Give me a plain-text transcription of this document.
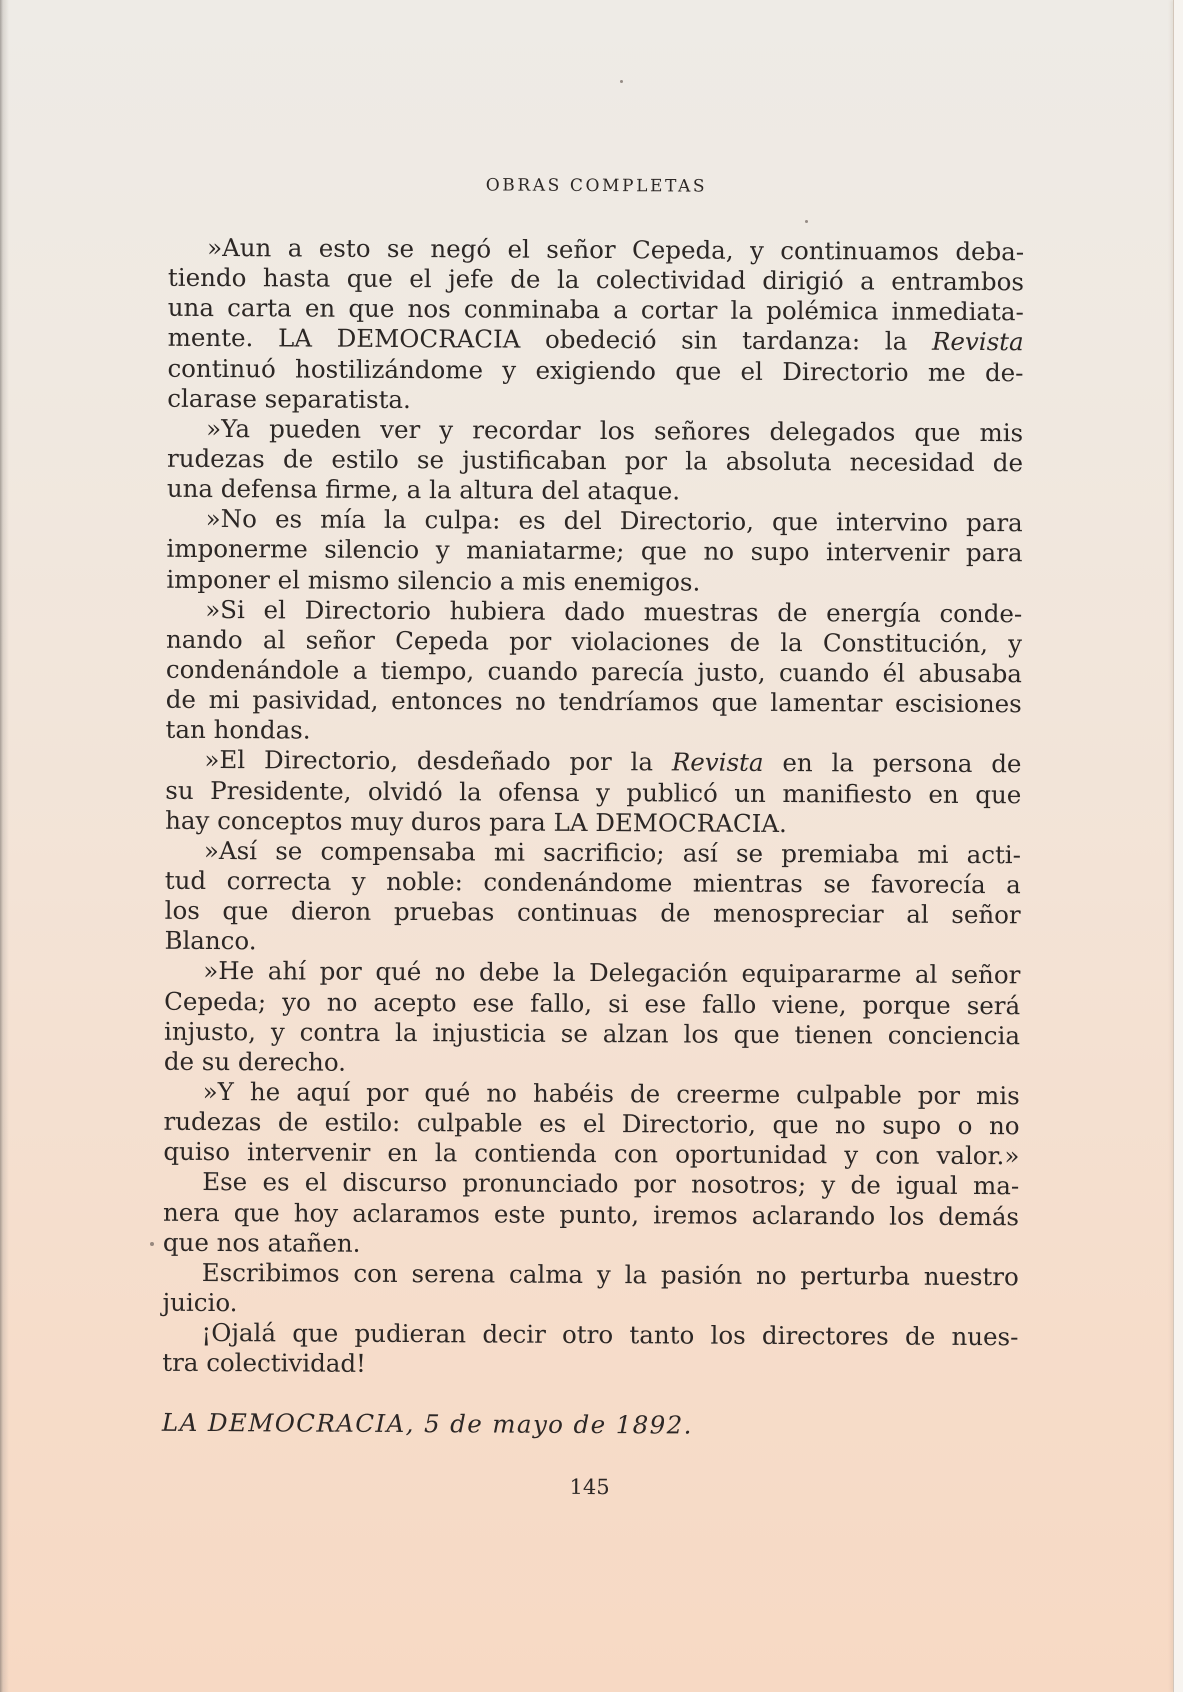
OBRAS COMPLETAS
»Aun a esto se negó el señor Cepeda, y continuamos deba-
tiendo hasta que el jefe de la colectividad dirigió a entrambos
una carta en que nos conminaba a cortar la polémica inmediata-
mente. LA DEMOCRACIA obedeció sin tardanza: la Revista
continuó hostilizándome y exigiendo que el Directorio me de-
clarase separatista.
»Ya pueden ver y recordar los señores delegados que mis
rudezas de estilo se justificaban por la absoluta necesidad de
una defensa firme, a la altura del ataque.
»No es mía la culpa: es del Directorio, que intervino para
imponerme silencio y maniatarme; que no supo intervenir para
imponer el mismo silencio a mis enemigos.
»Si el Directorio hubiera dado muestras de energía conde-
nando al señor Cepeda por violaciones de la Constitución, y
condenándole a tiempo, cuando parecía justo, cuando él abusaba
de mi pasividad, entonces no tendríamos que lamentar escisiones
tan hondas.
»El Directorio, desdeñado por la Revista en la persona de
su Presidente, olvidó la ofensa y publicó un manifiesto en que
hay conceptos muy duros para LA DEMOCRACIA.
»Así se compensaba mi sacrificio; así se premiaba mi acti-
tud correcta y noble: condenándome mientras se favorecía a
los que dieron pruebas continuas de menospreciar al señor
Blanco.
»He ahí por qué no debe la Delegación equipararme al señor
Cepeda; yo no acepto ese fallo, si ese fallo viene, porque será
injusto, y contra la injusticia se alzan los que tienen conciencia
de su derecho.
»Y he aquí por qué no habéis de creerme culpable por mis
rudezas de estilo: culpable es el Directorio, que no supo o no
quiso intervenir en la contienda con oportunidad y con valor.»
Ese es el discurso pronunciado por nosotros; y de igual ma-
nera que hoy aclaramos este punto, iremos aclarando los demás
que nos atañen.
Escribimos con serena calma y la pasión no perturba nuestro
juicio.
¡Ojalá que pudieran decir otro tanto los directores de nues-
tra colectividad!
LA DEMOCRACIA, 5 de mayo de 1892.
145
